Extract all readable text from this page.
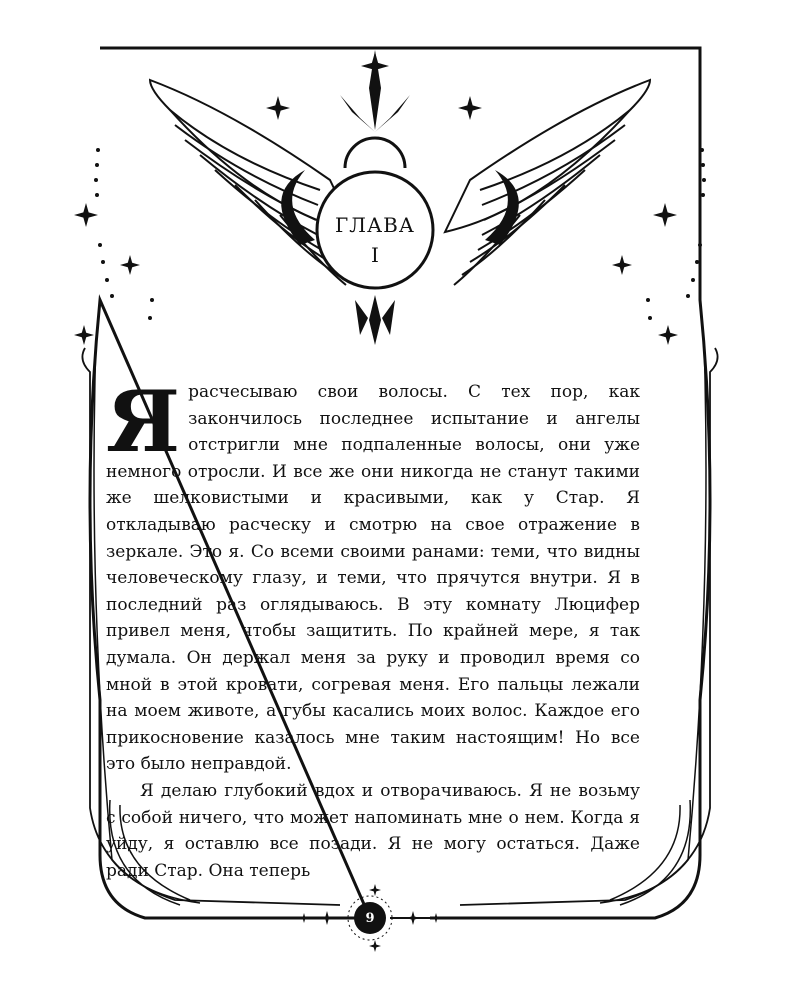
ГЛАВА
I

Я расчесываю свои волосы. С тех пор, как закончилось последнее испытание и ангелы отстригли мне подпаленные волосы, они уже немного отросли. И все же они никогда не станут такими же шелковистыми и красивыми, как у Стар. Я откладываю расческу и смотрю на свое отражение в зеркале. Это я. Со всеми своими ранами: теми, что видны человеческому глазу, и теми, что прячутся внутри. Я в последний раз оглядываюсь. В эту комнату Люцифер привел меня, чтобы защитить. По крайней мере, я так думала. Он держал меня за руку и проводил время со мной в этой кровати, согревая меня. Его пальцы лежали на моем животе, а губы касались моих волос. Каждое его прикосновение казалось мне таким настоящим! Но все это было неправдой.

Я делаю глубокий вдох и отворачиваюсь. Я не возьму с собой ничего, что может напоминать мне о нем. Когда я уйду, я оставлю все позади. Я не могу остаться. Даже ради Стар. Она теперь

9
